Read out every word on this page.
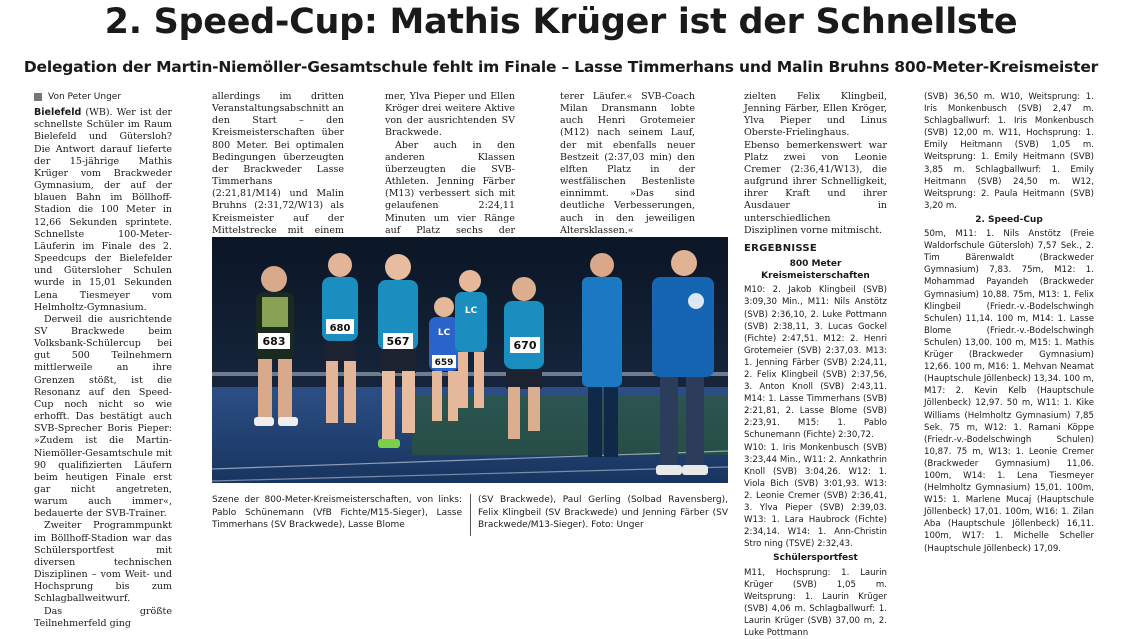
2. Speed-Cup: Mathis Krüger ist der Schnellste
Delegation der Martin-Niemöller-Gesamtschule fehlt im Finale – Lasse Timmerhans und Malin Bruhns 800-Meter-Kreismeister
Von Peter Unger

Bielefeld (WB). Wer ist der schnellste Schüler im Raum Bielefeld und Gütersloh? Die Antwort darauf lieferte der 15-jährige Mathis Krüger vom Brackweder Gymnasium, der auf der blauen Bahn im Böllhoff-Stadion die 100 Meter in 12,66 Sekunden sprintete. Schnellste 100-Meter-Läuferin im Finale des 2. Speedcups der Bielefelder und Gütersloher Schulen wurde in 15,01 Sekunden Lena Tiesmeyer vom Helmholtz-Gymnasium.

Derweil die ausrichtende SV Brackwede beim Volksbank-Schülercup bei gut 500 Teilnehmern mittlerweile an ihre Grenzen stößt, ist die Resonanz auf den Speed-Cup noch nicht so wie erhofft. Das bestätigt auch SVB-Sprecher Boris Pieper: »Zudem ist die Martin-Niemöller-Gesamtschule mit 90 qualifizierten Läufern beim heutigen Finale erst gar nicht angetreten, warum auch immer«, bedauerte der SVB-Trainer.

Zweiter Programmpunkt im Böllhoff-Stadion war das Schülersportfest mit diversen technischen Disziplinen – vom Weit- und Hochsprung bis zum Schlagballweitwurf.

Das größte Teilnehmerfeld ging

allerdings im dritten Veranstaltungsabschnitt an den Start – den Kreismeisterschaften über 800 Meter. Bei optimalen Bedingungen überzeugten der Brackweder Lasse Timmerhans (2:21,81/M14) und Malin Bruhns (2:31,72/W13) als Kreismeister auf der Mittelstrecke mit einem

mer, Ylva Pieper und Ellen Kröger drei weitere Aktive von der ausrichtenden SV Brackwede.

Aber auch in den anderen Klassen überzeugten die SVB-Athleten. Jenning Färber (M13) verbessert sich mit gelaufenen 2:24,11 Minuten um vier Ränge auf Platz sechs der

terer Läufer.« SVB-Coach Milan Dransmann lobte auch Henri Grotemeier (M12) nach seinem Lauf, der mit ebenfalls neuer Bestzeit (2:37,03 min) den elften Platz in der westfälischen Bestenliste einnimmt. »Das sind deutliche Verbesserungen, auch in den jeweiligen Altersklassen.«

zielten Felix Klingbeil, Jenning Färber, Ellen Kröger, Ylva Pieper und Linus Oberste-Frielinghaus. Ebenso bemerkenswert war Platz zwei von Leonie Cremer (2:36,41/W13), die aufgrund ihrer Schnelligkeit, ihrer Kraft und ihrer Ausdauer in unterschiedlichen Disziplinen vorne mitmischt.

ERGEBNISSE
800 Meter Kreismeisterschaften
M10: 2. Jakob Klingbeil (SVB) 3:09,30 Min., M11: Nils Anstötz (SVB) 2:36,10, 2. Luke Pottmann (SVB) 2:38,11, 3. Lucas Gockel (Fichte) 2:47,51. M12: 2. Henri Grotemeier (SVB) 2:37,03. M13: 1. Jenning Färber (SVB) 2:24,11, 2. Felix Klingbeil (SVB) 2:37,56, 3. Anton Knoll (SVB) 2:43,11. M14: 1. Lasse Timmerhans (SVB) 2:21,81, 2. Lasse Blome (SVB) 2:23,91. M15: 1. Pablo Schunemann (Fichte) 2:30,72.
W10: 1. Iris Monkenbusch (SVB) 3:23,44 Min., W11: 2. Annkathrin Knoll (SVB) 3:04,26. W12: 1. Viola Bich (SVB) 3:01,93. W13: 2. Leonie Cremer (SVB) 2:36,41, 3. Ylva Pieper (SVB) 2:39,03. W13: 1. Lara Haubrock (Fichte) 2:34,14. W14: 1. Ann-Christin Stro ning (TSVE) 2:32,43.
Schülersportfest
M11, Hochsprung: 1. Laurin Krüger (SVB) 1,05 m. Weitsprung: 1. Laurin Krüger (SVB) 4,06 m. Schlagballwurf: 1. Laurin Krüger (SVB) 37,00 m, 2. Luke Pottmann
(SVB) 36,50 m. W10, Weitsprung: 1. Iris Monkenbusch (SVB) 2,47 m. Schlagballwurf: 1. Iris Monkenbusch (SVB) 12,00 m. W11, Hochsprung: 1. Emily Heitmann (SVB) 1,05 m. Weitsprung: 1. Emily Heitmann (SVB) 3,85 m. Schlagballwurf: 1. Emily Heitmann (SVB) 24,50 m. W12, Weitsprung: 2. Paula Heitmann (SVB) 3,20 m.
2. Speed-Cup
50m, M11: 1. Nils Anstötz (Freie Waldorfschule Gütersloh) 7,57 Sek., 2. Tim Bärenwaldt (Brackweder Gymnasium) 7,83. 75m, M12: 1. Mohammad Payandeh (Brackweder Gymnasium) 10,88. 75m, M13: 1. Felix Klingbeil (Friedr.-v.-Bodelschwingh Schulen) 11,14. 100 m, M14: 1. Lasse Blome (Friedr.-v.-Bodelschwingh Schulen) 13,00. 100 m, M15: 1. Mathis Krüger (Brackweder Gymnasium) 12,66. 100 m, M16: 1. Mehvan Neamat (Hauptschule Jöllenbeck) 13,34. 100 m, M17: 2. Kevin Kelb (Hauptschule Jöllenbeck) 12,97. 50 m, W11: 1. Kike Williams (Helmholtz Gymnasium) 7,85 Sek. 75 m, W12: 1. Ramani Köppe (Friedr.-v.-Bodelschwingh Schulen) 10,87. 75 m, W13: 1. Leonie Cremer (Brackweder Gymnasium) 11,06. 100m, W14: 1. Lena Tiesmeyer (Helmholtz Gymnasium) 15,01. 100m, W15: 1. Marlene Mucaj (Hauptschule Jöllenbeck) 17,01. 100m, W16: 1. Zilan Aba (Hauptschule Jöllenbeck) 16,11. 100m, W17: 1. Michelle Scheller (Hauptschule Jöllenbeck) 17,09.
683
680
567
LC
659
LC
670
Szene der 800-Meter-Kreismeisterschaften, von links: Pablo Schünemann (VfB Fichte/M15-Sieger), Lasse Timmerhans (SV Brackwede), Lasse Blome
(SV Brackwede), Paul Gerling (Solbad Ravensberg), Felix Klingbeil (SV Brackwede) und Jenning Färber (SV Brackwede/M13-Sieger). Foto: Unger
